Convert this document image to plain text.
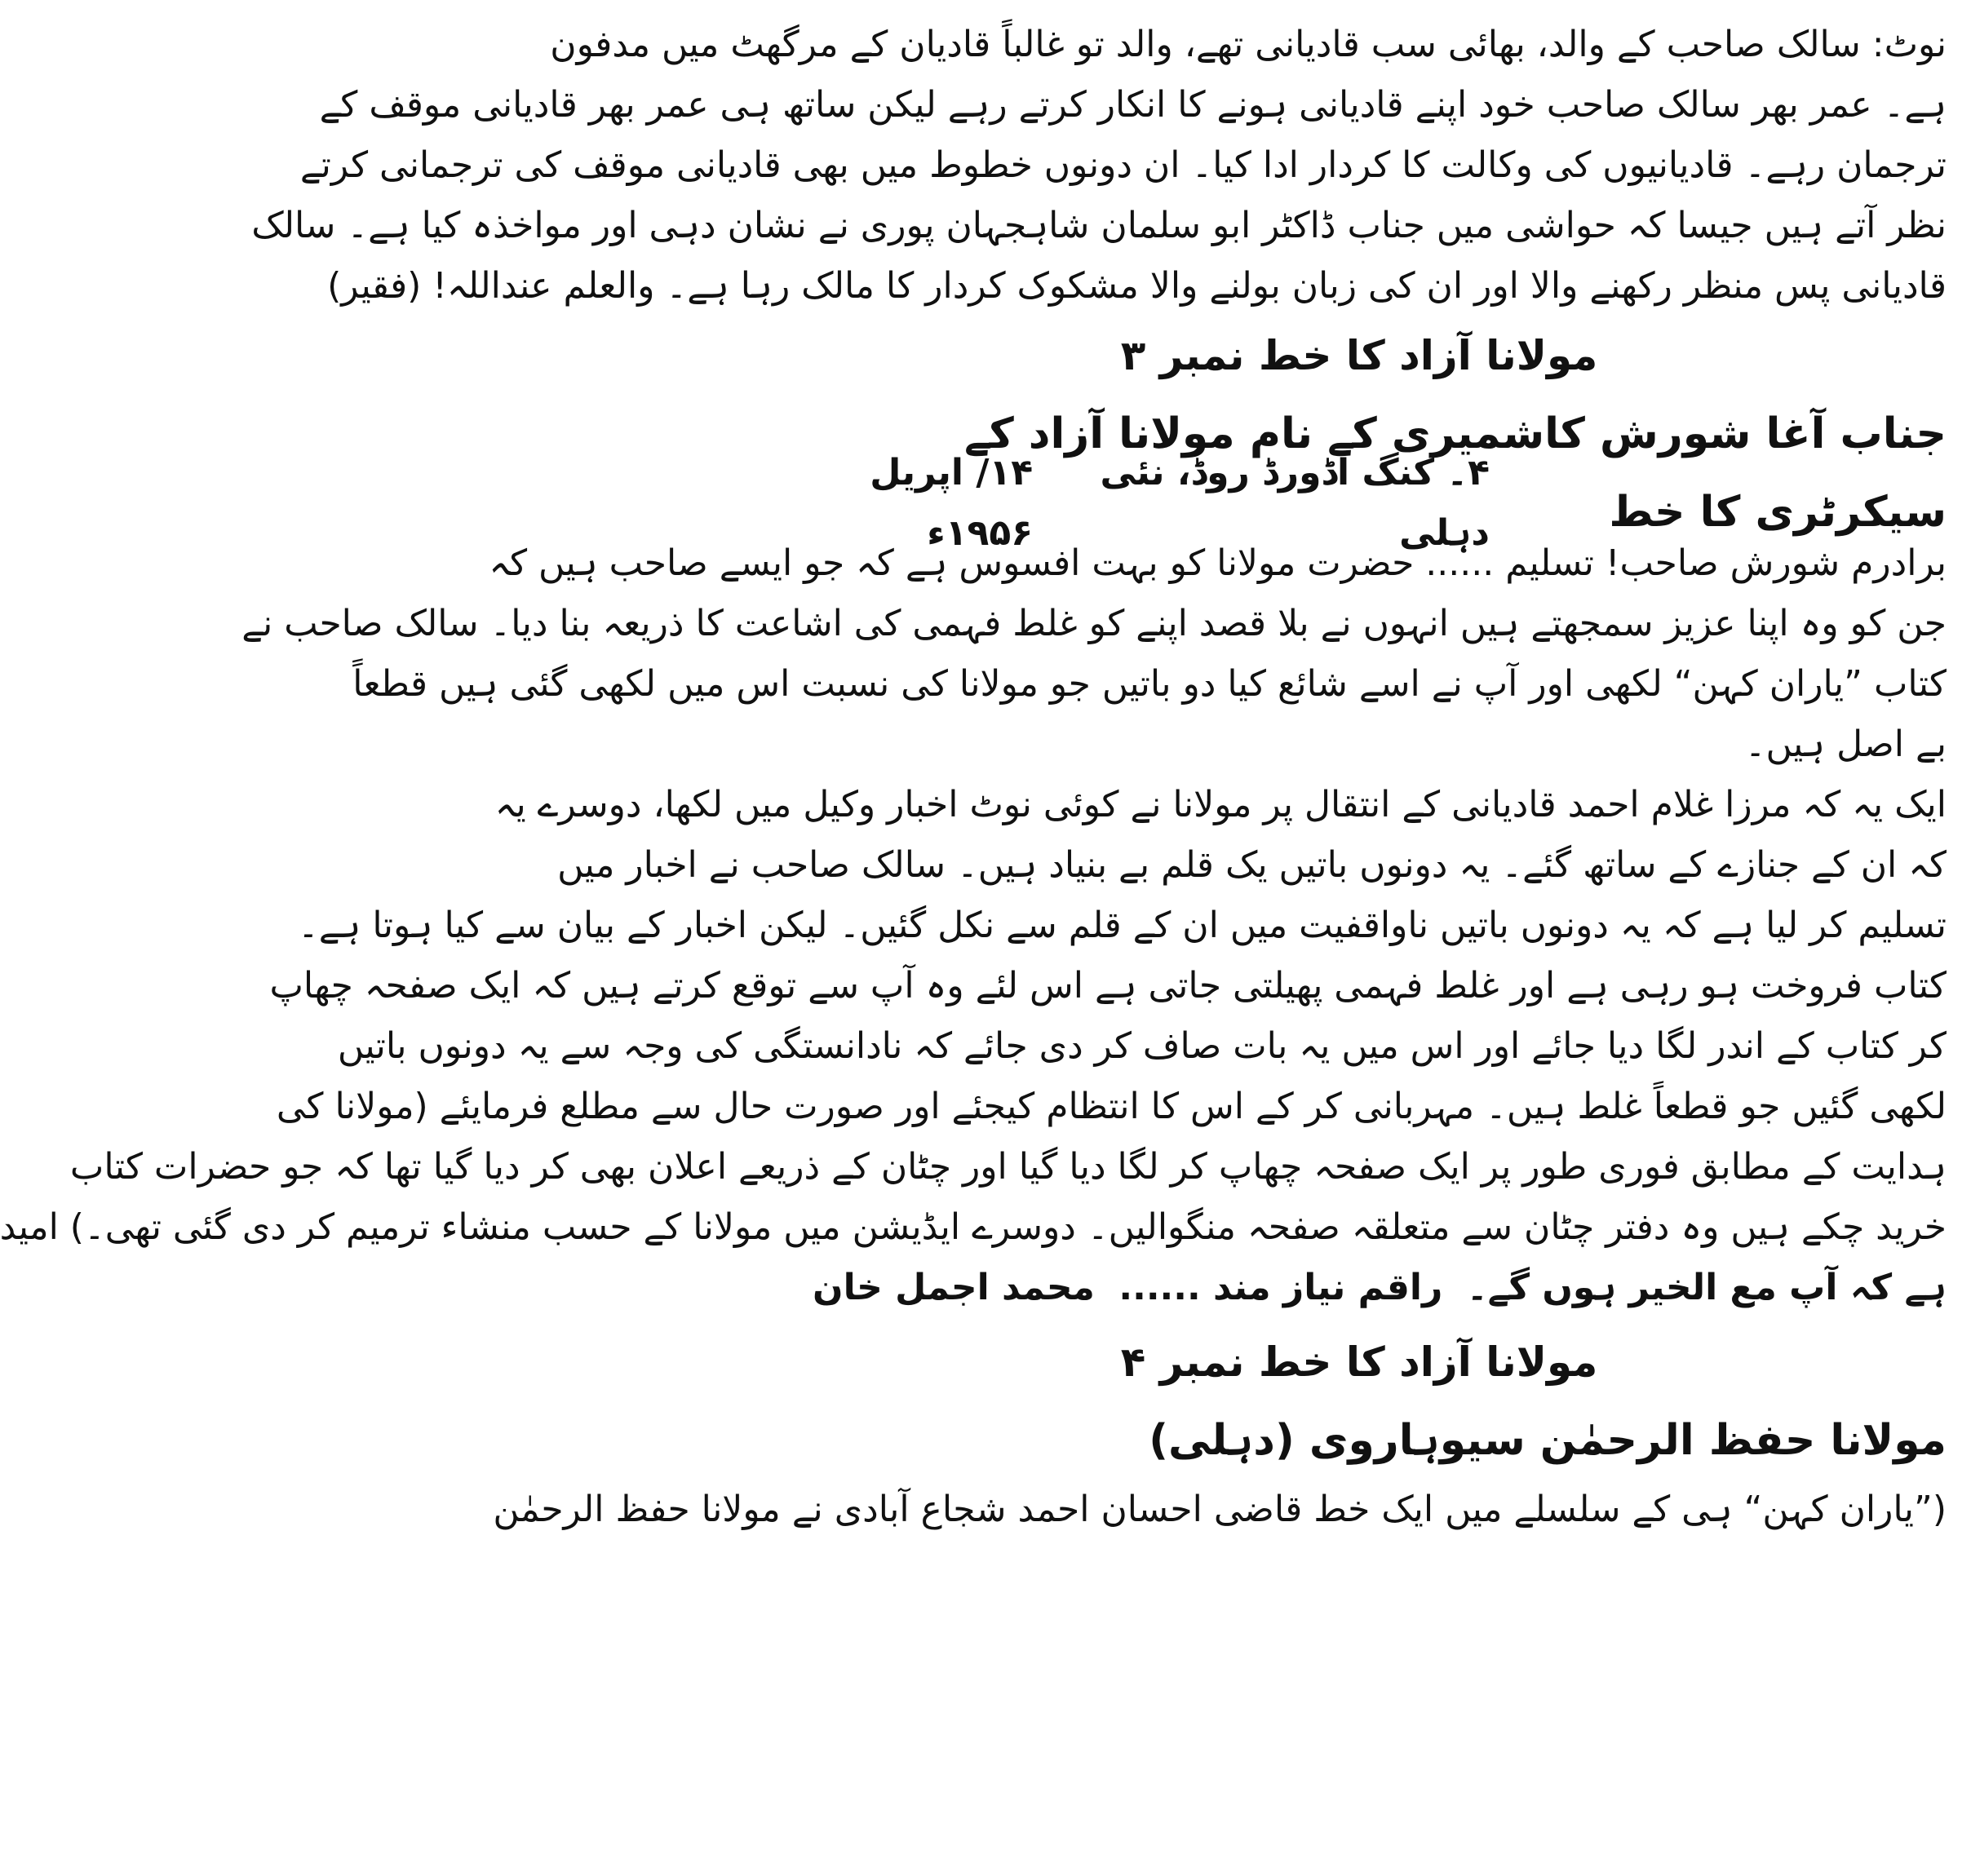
نوٹ: سالک صاحب کے والد، بھائی سب قادیانی تھے، والد تو غالباً قادیان کے مرگھٹ میں مدفون
ہے۔ عمر بھر سالک صاحب خود اپنے قادیانی ہونے کا انکار کرتے رہے لیکن ساتھ ہی عمر بھر قادیانی موقف کے
ترجمان رہے۔ قادیانیوں کی وکالت کا کردار ادا کیا۔ ان دونوں خطوط میں بھی قادیانی موقف کی ترجمانی کرتے
نظر آتے ہیں جیسا کہ حواشی میں جناب ڈاکٹر ابو سلمان شاہجہان پوری نے نشان دہی اور مواخذہ کیا ہے۔ سالک
قادیانی پس منظر رکھنے والا اور ان کی زبان بولنے والا مشکوک کردار کا مالک رہا ہے۔ والعلم عنداللہ! (فقیر)
مولانا آزاد کا خط نمبر ۳
جناب آغا شورش کاشمیری کے نام مولانا آزاد کے سیکرٹری کا خط
۴۔ کنگ اڈورڈ روڈ، نئی دہلی
۱۴/ اپریل ۱۹۵۶ء
برادرم شورش صاحب! تسلیم ...... حضرت مولانا کو بہت افسوس ہے کہ جو ایسے صاحب ہیں کہ
جن کو وہ اپنا عزیز سمجھتے ہیں انہوں نے بلا قصد اپنے کو غلط فہمی کی اشاعت کا ذریعہ بنا دیا۔ سالک صاحب نے
کتاب ”یاران کہن“ لکھی اور آپ نے اسے شائع کیا دو باتیں جو مولانا کی نسبت اس میں لکھی گئی ہیں قطعاً
بے اصل ہیں۔
ایک یہ کہ مرزا غلام احمد قادیانی کے انتقال پر مولانا نے کوئی نوٹ اخبار وکیل میں لکھا، دوسرے یہ
کہ ان کے جنازے کے ساتھ گئے۔ یہ دونوں باتیں یک قلم بے بنیاد ہیں۔ سالک صاحب نے اخبار میں
تسلیم کر لیا ہے کہ یہ دونوں باتیں ناواقفیت میں ان کے قلم سے نکل گئیں۔ لیکن اخبار کے بیان سے کیا ہوتا ہے۔
کتاب فروخت ہو رہی ہے اور غلط فہمی پھیلتی جاتی ہے اس لئے وہ آپ سے توقع کرتے ہیں کہ ایک صفحہ چھاپ
کر کتاب کے اندر لگا دیا جائے اور اس میں یہ بات صاف کر دی جائے کہ نادانستگی کی وجہ سے یہ دونوں باتیں
لکھی گئیں جو قطعاً غلط ہیں۔ مہربانی کر کے اس کا انتظام کیجئے اور صورت حال سے مطلع فرمایئے (مولانا کی
ہدایت کے مطابق فوری طور پر ایک صفحہ چھاپ کر لگا دیا گیا اور چٹان کے ذریعے اعلان بھی کر دیا گیا تھا کہ جو حضرات کتاب
خرید چکے ہیں وہ دفتر چٹان سے متعلقہ صفحہ منگوالیں۔ دوسرے ایڈیشن میں مولانا کے حسب منشاء ترمیم کر دی گئی تھی۔) امید
ہے کہ آپ مع الخیر ہوں گے۔
راقم نیاز مند ......
محمد اجمل خان
مولانا آزاد کا خط نمبر ۴
مولانا حفظ الرحمٰن سیوہاروی (دہلی)
(”یاران کہن“ ہی کے سلسلے میں ایک خط قاضی احسان احمد شجاع آبادی نے مولانا حفظ الرحمٰن
